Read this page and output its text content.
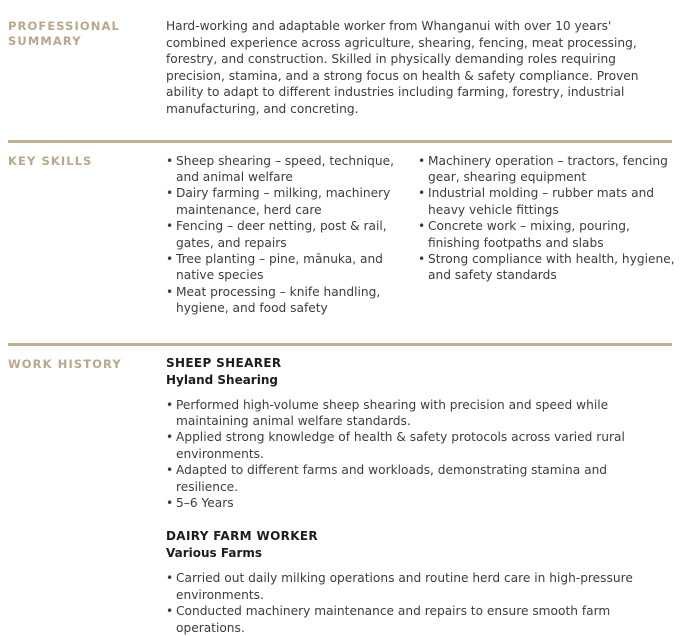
PROFESSIONAL SUMMARY
Hard-working and adaptable worker from Whanganui with over 10 years' combined experience across agriculture, shearing, fencing, meat processing, forestry, and construction. Skilled in physically demanding roles requiring precision, stamina, and a strong focus on health & safety compliance. Proven ability to adapt to different industries including farming, forestry, industrial manufacturing, and concreting.
KEY SKILLS	• Sheep shearing – speed, technique, and animal welfare
• Dairy farming – milking, machinery maintenance, herd care
• Fencing – deer netting, post & rail, gates, and repairs
• Tree planting – pine, mānuka, and native species
• Meat processing – knife handling, hygiene, and food safety
• Machinery operation – tractors, fencing gear, shearing equipment
• Industrial molding – rubber mats and heavy vehicle fittings
• Concrete work – mixing, pouring, finishing footpaths and slabs
• Strong compliance with health, hygiene, and safety standards
WORK HISTORY	SHEEP SHEARER
Hyland Shearing
• Performed high-volume sheep shearing with precision and speed while maintaining animal welfare standards.
• Applied strong knowledge of health & safety protocols across varied rural environments.
• Adapted to different farms and workloads, demonstrating stamina and resilience.
• 5–6 Years
DAIRY FARM WORKER
Various Farms
• Carried out daily milking operations and routine herd care in high-pressure environments.
• Conducted machinery maintenance and repairs to ensure smooth farm operations.
